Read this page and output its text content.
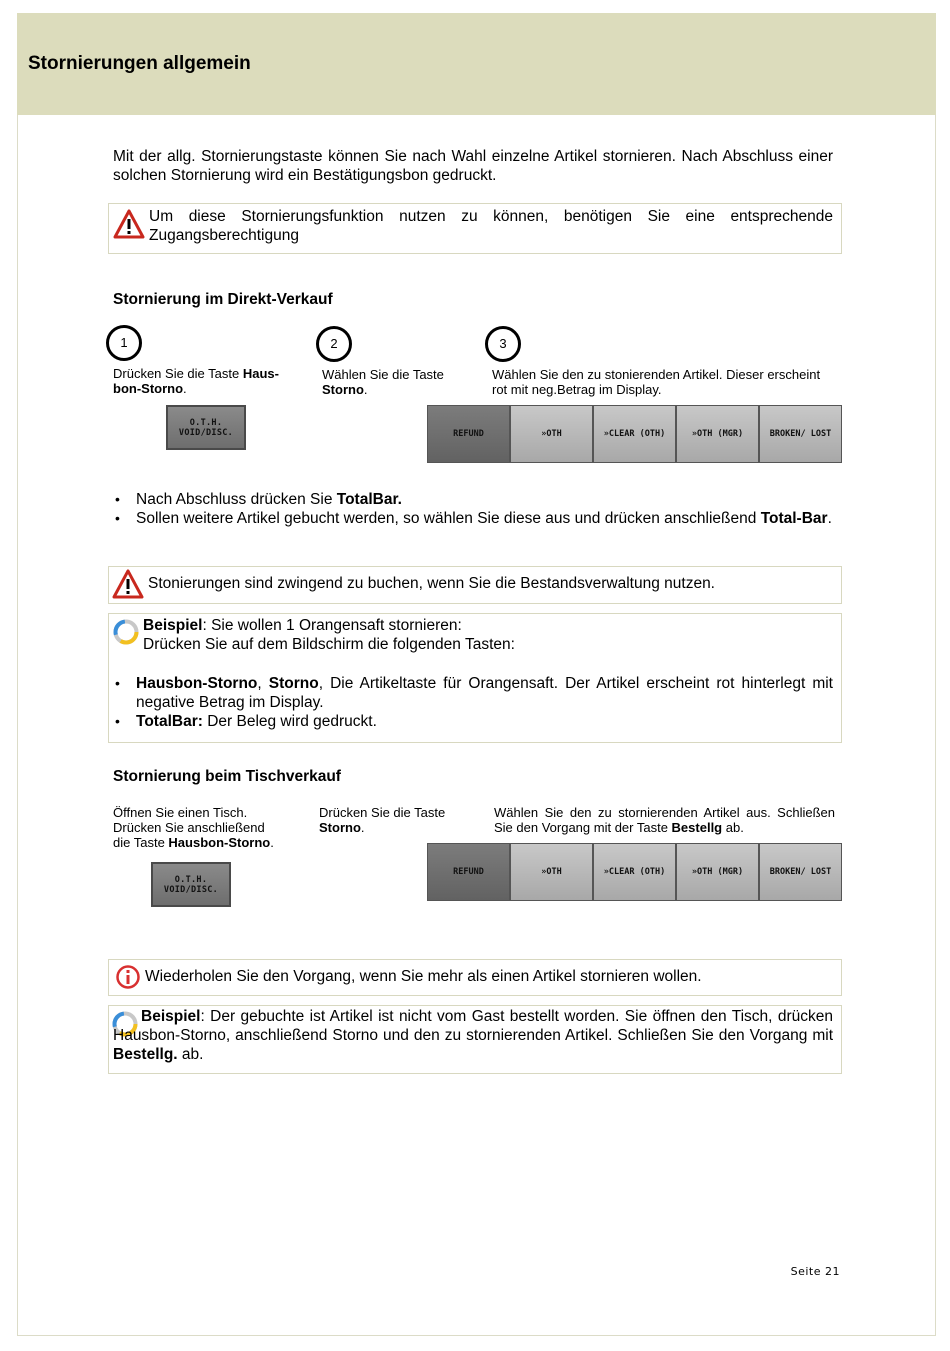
Stornierungen allgemein
Mit der allg. Stornierungstaste können Sie nach Wahl einzelne Artikel stornieren. Nach Abschluss einer solchen Stornierung wird ein Bestätigungsbon gedruckt.
Um diese Stornierungsfunktion nutzen zu können, benötigen Sie eine entsprechende Zugangsberechtigung
Stornierung im Direkt-Verkauf
1	2	3
Drücken Sie die Taste Haus-bon-Storno.
Wählen Sie die Taste Storno.
Wählen Sie den zu stonierenden Artikel. Dieser erscheint rot mit neg.Betrag im Display.
O.T.H. VOID/DISC.	REFUND	»OTH	»CLEAR (OTH)	»OTH (MGR)	BROKEN/ LOST
• Nach Abschluss drücken Sie TotalBar.
• Sollen weitere Artikel gebucht werden, so wählen Sie diese aus und drücken anschließend Total-Bar.
Stonierungen sind zwingend zu buchen, wenn Sie die Bestandsverwaltung nutzen.
Beispiel: Sie wollen 1 Orangensaft stornieren:
Drücken Sie auf dem Bildschirm die folgenden Tasten:
• Hausbon-Storno, Storno, Die Artikeltaste für Orangensaft. Der Artikel erscheint rot hinterlegt mit negative Betrag im Display.
• TotalBar: Der Beleg wird gedruckt.
Stornierung beim Tischverkauf
Öffnen Sie einen Tisch.
Drücken Sie anschließend
die Taste Hausbon-Storno.
Drücken Sie die Taste
Storno.
Wählen Sie den zu stornierenden Artikel aus. Schließen Sie den Vorgang mit der Taste Bestellg ab.
O.T.H. VOID/DISC.
REFUND	»OTH	»CLEAR (OTH)	»OTH (MGR)	BROKEN/ LOST
Wiederholen Sie den Vorgang, wenn Sie mehr als einen Artikel stornieren wollen.
Beispiel: Der gebuchte ist Artikel ist nicht vom Gast bestellt worden. Sie öffnen den Tisch, drücken Hausbon-Storno, anschließend Storno und den zu stornierenden Artikel. Schließen Sie den Vorgang mit Bestellg. ab.
Seite 21
